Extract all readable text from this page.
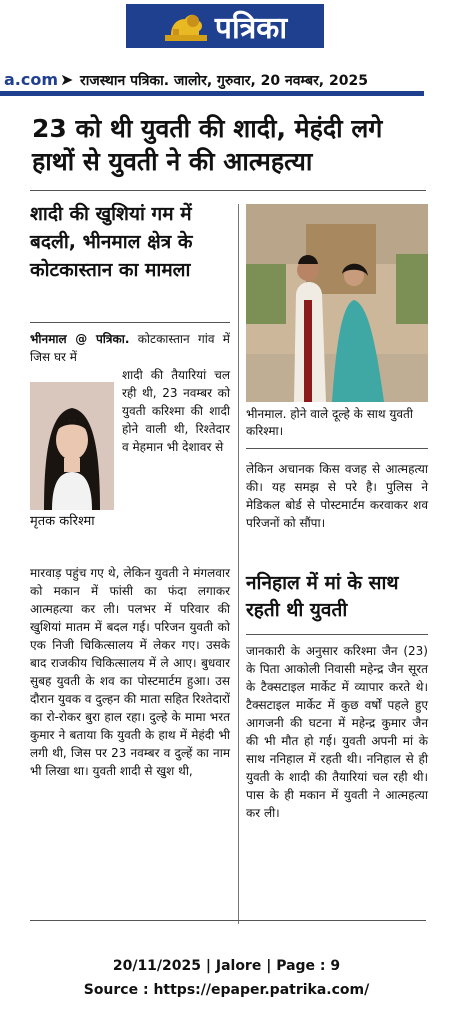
पत्रिका
a.com ➤ राजस्थान पत्रिका. जालोर, गुरुवार, 20 नवम्बर, 2025
23 को थी युवती की शादी, मेहंदी लगे हाथों से युवती ने की आत्महत्या
शादी की खुशियां गम में बदली, भीनमाल क्षेत्र के कोटकास्तान का मामला
भीनमाल @ पत्रिका. कोटकास्तान गांव में जिस घर में
शादी की तैयारियां चल रही थी, 23 नवम्बर को युवती करिश्मा की शादी होने वाली थी, रिश्तेदार व मेहमान भी देशावर से
मृतक करिश्मा
मारवाड़ पहुंच गए थे, लेकिन युवती ने मंगलवार को मकान में फांसी का फंदा लगाकर आत्महत्या कर ली। पलभर में परिवार की खुशियां मातम में बदल गई। परिजन युवती को एक निजी चिकित्सालय में लेकर गए। उसके बाद राजकीय चिकित्सालय में ले आए। बुधवार सुबह युवती के शव का पोस्टमार्टम हुआ। उस दौरान युवक व दुल्हन की माता सहित रिश्तेदारों का रो-रोकर बुरा हाल रहा। दुल्हे के मामा भरत कुमार ने बताया कि युवती के हाथ में मेहंदी भी लगी थी, जिस पर 23 नवम्बर व दुल्हें का नाम भी लिखा था। युवती शादी से खुश थी,
भीनमाल. होने वाले दूल्हे के साथ युवती करिश्मा।
लेकिन अचानक किस वजह से आत्महत्या की। यह समझ से परे है। पुलिस ने मेडिकल बोर्ड से पोस्टमार्टम करवाकर शव परिजनों को सौंपा।
ननिहाल में मां के साथ रहती थी युवती
जानकारी के अनुसार करिश्मा जैन (23) के पिता आकोली निवासी महेन्द्र जैन सूरत के टैक्सटाइल मार्केट में व्यापार करते थे। टैक्सटाइल मार्केट में कुछ वर्षों पहले हुए आगजनी की घटना में महेन्द्र कुमार जैन की भी मौत हो गई। युवती अपनी मां के साथ ननिहाल में रहती थी। ननिहाल से ही युवती के शादी की तैयारियां चल रही थी। पास के ही मकान में युवती ने आत्महत्या कर ली।
20/11/2025 | Jalore | Page : 9
Source : https://epaper.patrika.com/
